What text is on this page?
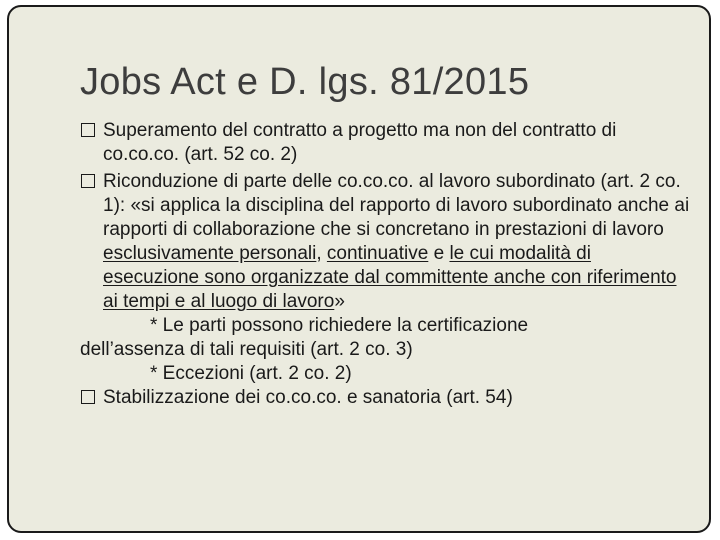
Jobs Act e D. lgs. 81/2015

Superamento del contratto a progetto ma non del contratto di co.co.co. (art. 52 co. 2)

Riconduzione di parte delle co.co.co. al lavoro subordinato (art. 2 co. 1): «si applica la disciplina del rapporto di lavoro subordinato anche ai rapporti di collaborazione che si concretano in prestazioni di lavoro esclusivamente personali, continuative e le cui modalità di esecuzione sono organizzate dal committente anche con riferimento ai tempi e al luogo di lavoro»

* Le parti possono richiedere la certificazione

dell’assenza di tali requisiti (art. 2 co. 3)

* Eccezioni (art. 2 co. 2)

Stabilizzazione dei co.co.co. e sanatoria (art. 54)
